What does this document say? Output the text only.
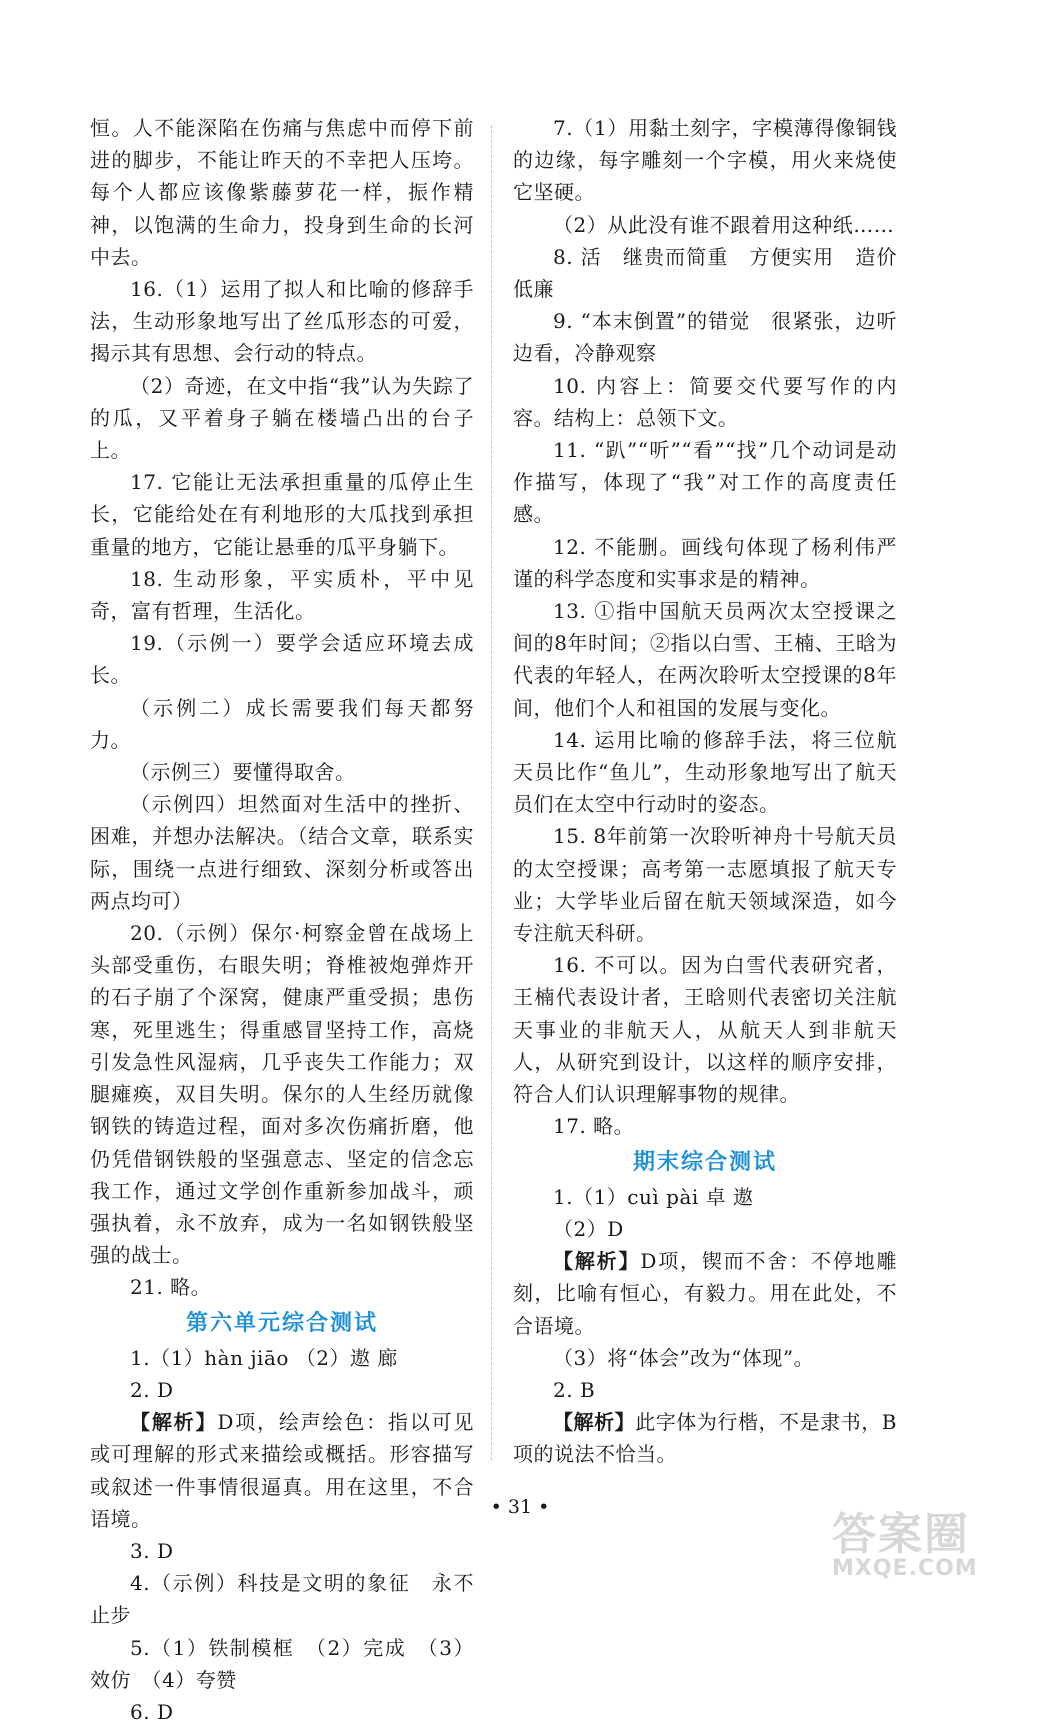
恒。人不能深陷在伤痛与焦虑中而停下前进的脚步，不能让昨天的不幸把人压垮。每个人都应该像紫藤萝花一样，振作精神，以饱满的生命力，投身到生命的长河中去。

16.（1）运用了拟人和比喻的修辞手法，生动形象地写出了丝瓜形态的可爱，揭示其有思想、会行动的特点。

（2）奇迹，在文中指“我”认为失踪了的瓜，又平着身子躺在楼墙凸出的台子上。

17. 它能让无法承担重量的瓜停止生长，它能给处在有利地形的大瓜找到承担重量的地方，它能让悬垂的瓜平身躺下。

18. 生动形象，平实质朴，平中见奇，富有哲理，生活化。

19.（示例一）要学会适应环境去成长。

（示例二）成长需要我们每天都努力。

（示例三）要懂得取舍。

（示例四）坦然面对生活中的挫折、困难，并想办法解决。（结合文章，联系实际，围绕一点进行细致、深刻分析或答出两点均可）

20.（示例）保尔·柯察金曾在战场上头部受重伤，右眼失明；脊椎被炮弹炸开的石子崩了个深窝，健康严重受损；患伤寒，死里逃生；得重感冒坚持工作，高烧引发急性风湿病，几乎丧失工作能力；双腿瘫痪，双目失明。保尔的人生经历就像钢铁的铸造过程，面对多次伤痛折磨，他仍凭借钢铁般的坚强意志、坚定的信念忘我工作，通过文学创作重新参加战斗，顽强执着，永不放弃，成为一名如钢铁般坚强的战士。

21. 略。

第六单元综合测试

1.（1）hàn jiāo （2）遨 廊

2. D

【解析】D项，绘声绘色：指以可见或可理解的形式来描绘或概括。形容描写或叙述一件事情很逼真。用在这里，不合语境。

3. D

4.（示例）科技是文明的象征　永不止步

5.（1）铁制模框　（2）完成　（3）效仿　（4）夸赞

6. D

7.（1）用黏土刻字，字模薄得像铜钱的边缘，每字雕刻一个字模，用火来烧使它坚硬。

（2）从此没有谁不跟着用这种纸……

8. 活　继贵而简重　方便实用　造价低廉

9. “本末倒置”的错觉　很紧张，边听边看，冷静观察

10. 内容上：简要交代要写作的内容。结构上：总领下文。

11. “趴”“听”“看”“找”几个动词是动作描写，体现了“我”对工作的高度责任感。

12. 不能删。画线句体现了杨利伟严谨的科学态度和实事求是的精神。

13. ①指中国航天员两次太空授课之间的8年时间；②指以白雪、王楠、王晗为代表的年轻人，在两次聆听太空授课的8年间，他们个人和祖国的发展与变化。

14. 运用比喻的修辞手法，将三位航天员比作“鱼儿”，生动形象地写出了航天员们在太空中行动时的姿态。

15. 8年前第一次聆听神舟十号航天员的太空授课；高考第一志愿填报了航天专业；大学毕业后留在航天领域深造，如今专注航天科研。

16. 不可以。因为白雪代表研究者，王楠代表设计者，王晗则代表密切关注航天事业的非航天人，从航天人到非航天人，从研究到设计，以这样的顺序安排，符合人们认识理解事物的规律。

17. 略。

期末综合测试

1.（1）cuì pài 卓 遨

（2）D

【解析】D项，锲而不舍：不停地雕刻，比喻有恒心，有毅力。用在此处，不合语境。

（3）将“体会”改为“体现”。

2. B

【解析】此字体为行楷，不是隶书，B项的说法不恰当。

• 31 •
答案圈
MXQE.COM
